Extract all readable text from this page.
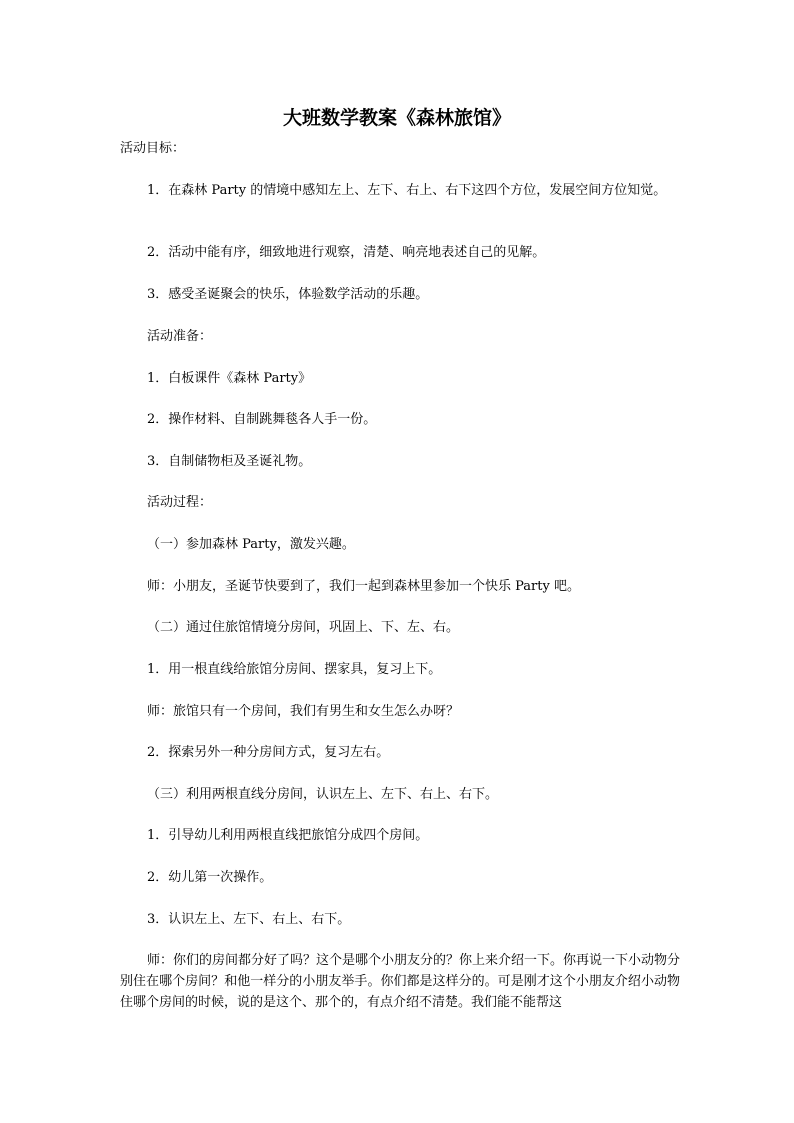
大班数学教案《森林旅馆》
活动目标：
1．在森林 Party 的情境中感知左上、左下、右上、右下这四个方位，发展空间方位知觉。
2．活动中能有序，细致地进行观察，清楚、响亮地表述自己的见解。
3．感受圣诞聚会的快乐，体验数学活动的乐趣。
活动准备：
1．白板课件《森林 Party》
2．操作材料、自制跳舞毯各人手一份。
3．自制储物柜及圣诞礼物。
活动过程：
（一）参加森林 Party，激发兴趣。
师：小朋友，圣诞节快要到了，我们一起到森林里参加一个快乐 Party 吧。
（二）通过住旅馆情境分房间，巩固上、下、左、右。
1．用一根直线给旅馆分房间、摆家具，复习上下。
师：旅馆只有一个房间，我们有男生和女生怎么办呀？
2．探索另外一种分房间方式，复习左右。
（三）利用两根直线分房间，认识左上、左下、右上、右下。
1．引导幼儿利用两根直线把旅馆分成四个房间。
2．幼儿第一次操作。
3．认识左上、左下、右上、右下。
师：你们的房间都分好了吗？这个是哪个小朋友分的？你上来介绍一下。你再说一下小动物分别住在哪个房间？和他一样分的小朋友举手。你们都是这样分的。可是刚才这个小朋友介绍小动物住哪个房间的时候，说的是这个、那个的，有点介绍不清楚。我们能不能帮这
